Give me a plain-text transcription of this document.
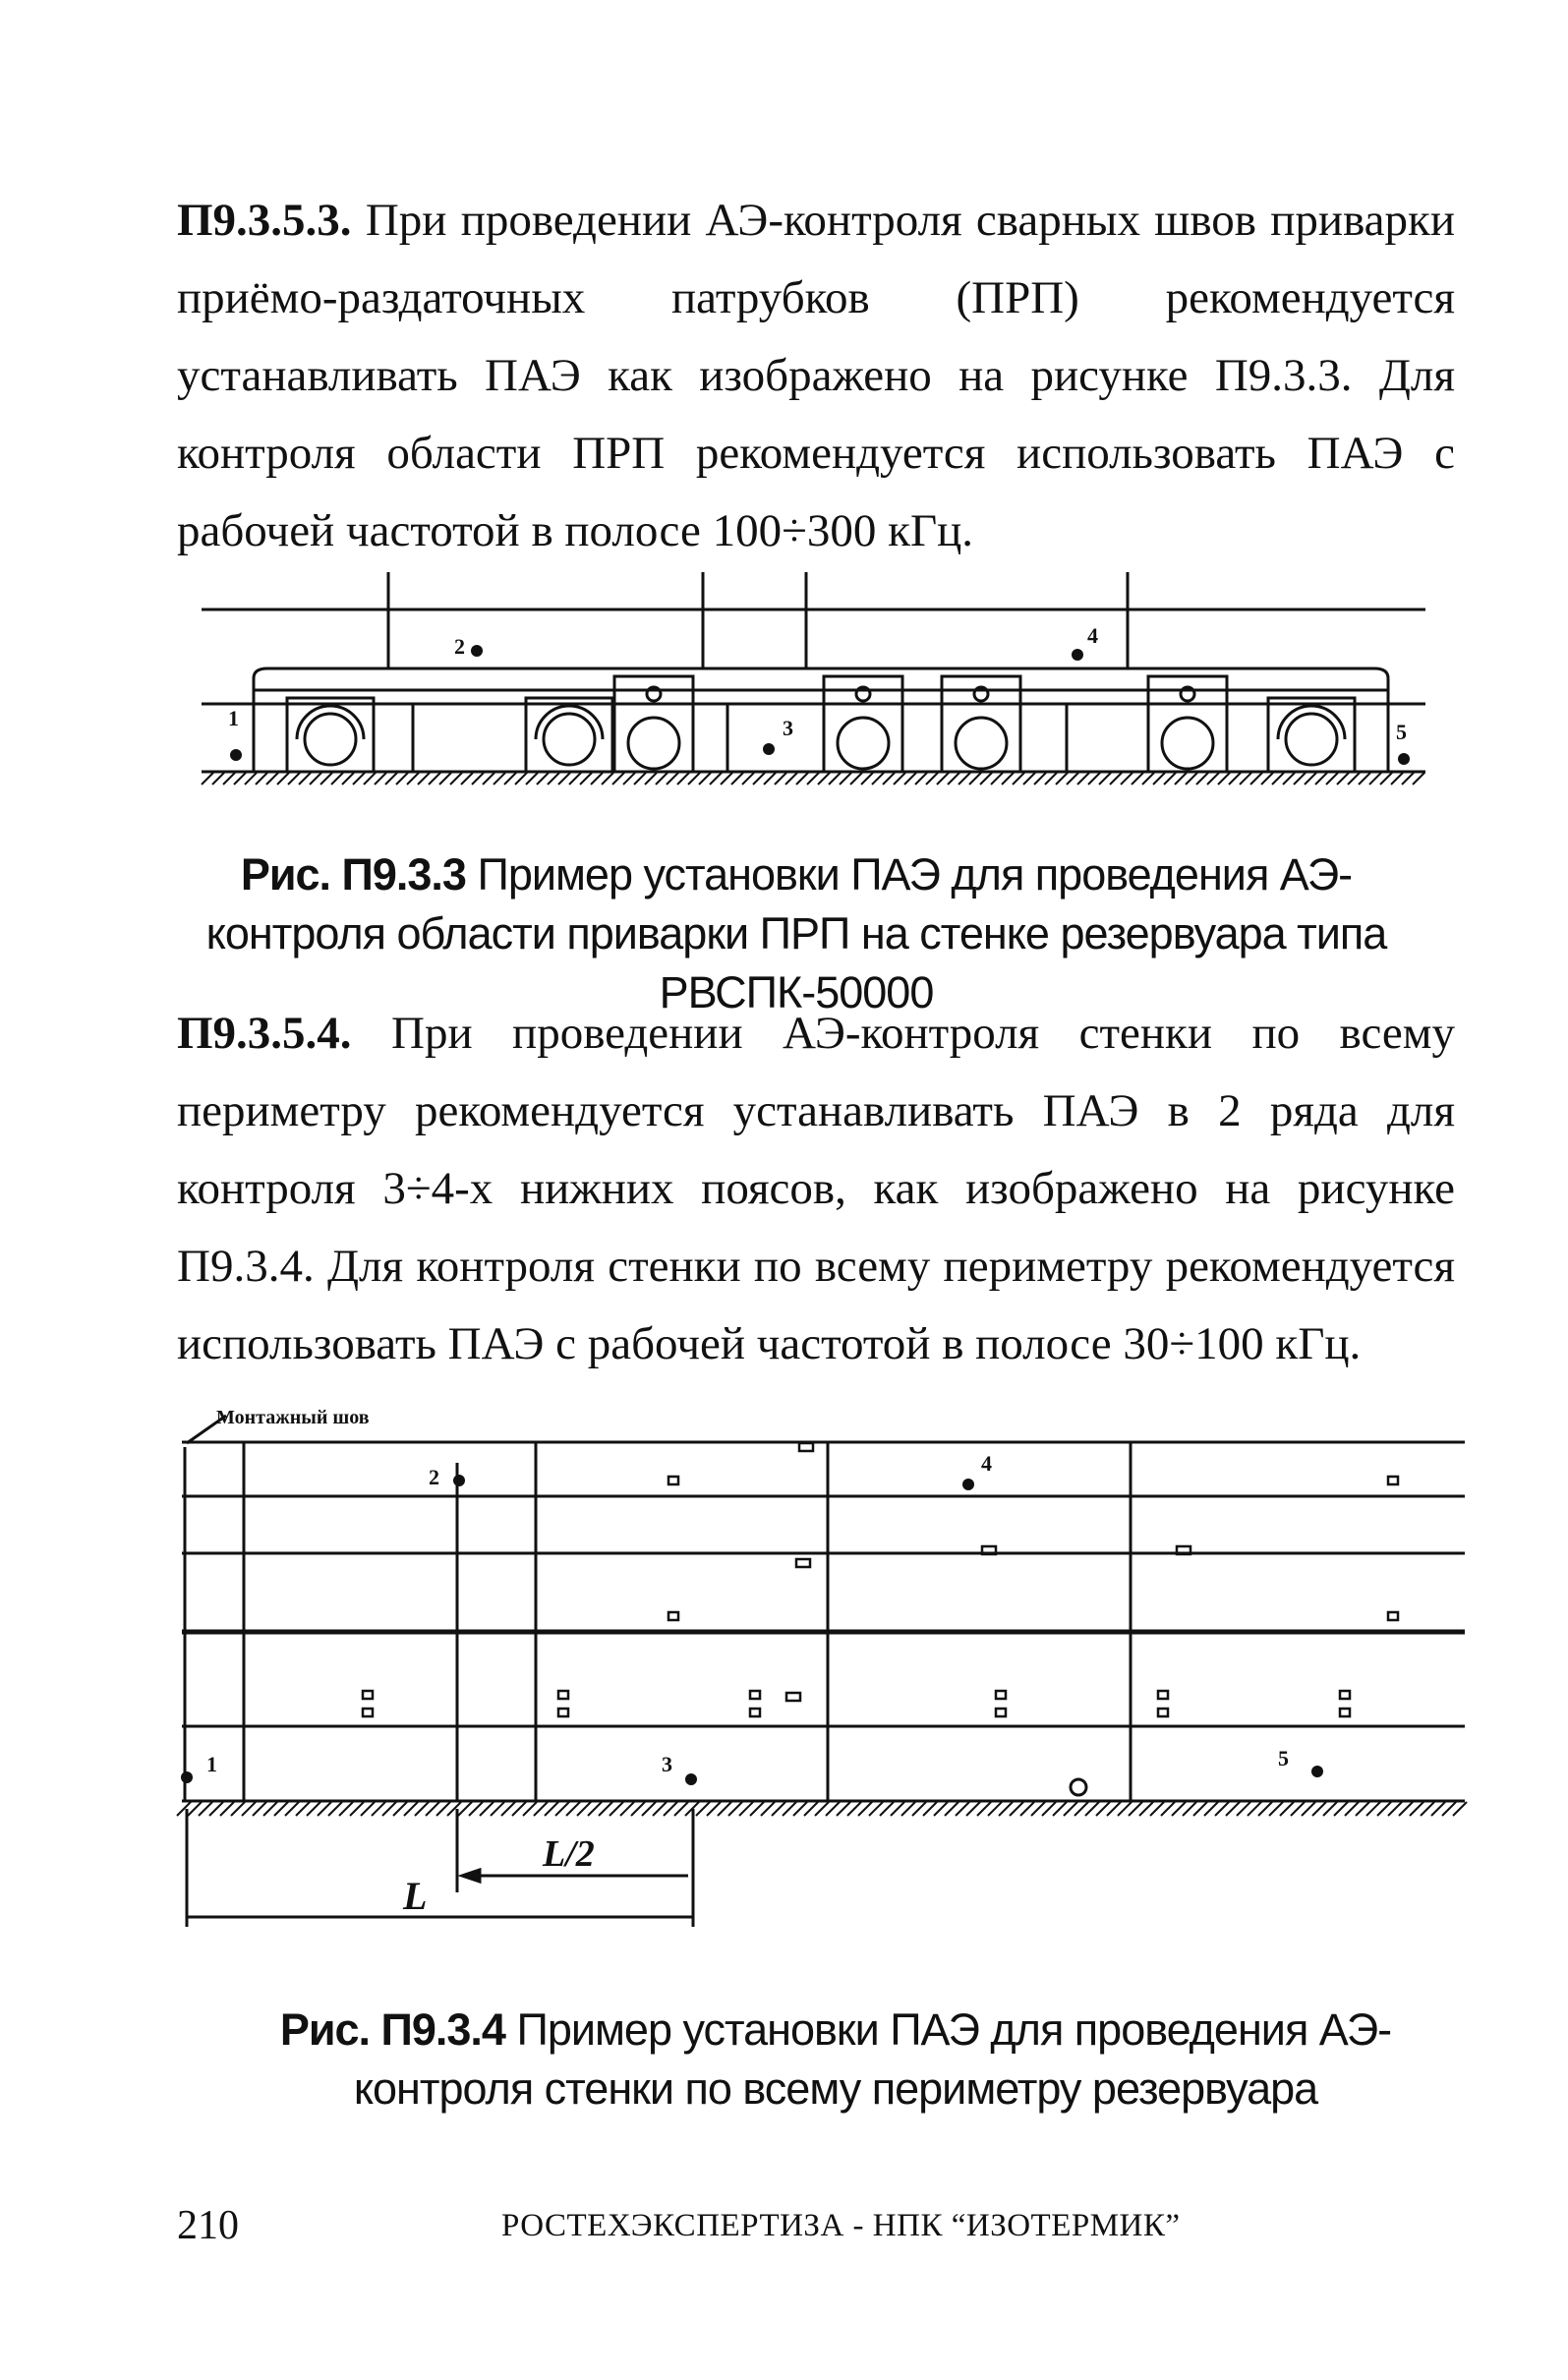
П9.3.5.3. При проведении АЭ-контроля сварных швов приварки приёмо-раздаточных патрубков (ПРП) рекомендуется устанавливать ПАЭ как изображено на рисунке П9.3.3. Для контроля области ПРП рекомендуется использовать ПАЭ с рабочей частотой в полосе 100÷300 кГц.
1
2
3
4
5
Монтажный шов
1
2
3
4
5
L
L/2
Рис. П9.3.3 Пример установки ПАЭ для проведения АЭ-контроля области приварки ПРП на стенке резервуара типа РВСПК-50000
П9.3.5.4. При проведении АЭ-контроля стенки по всему периметру рекомендуется устанавливать ПАЭ в 2 ряда для контроля 3÷4-х нижних поясов, как изображено на рисунке П9.3.4. Для контроля стенки по всему периметру рекомендуется использовать ПАЭ с рабочей частотой в полосе 30÷100 кГц.
Рис. П9.3.4 Пример установки ПАЭ для проведения АЭ-контроля стенки по всему периметру резервуара
210	РОСТЕХЭКСПЕРТИЗА - НПК “ИЗОТЕРМИК”
